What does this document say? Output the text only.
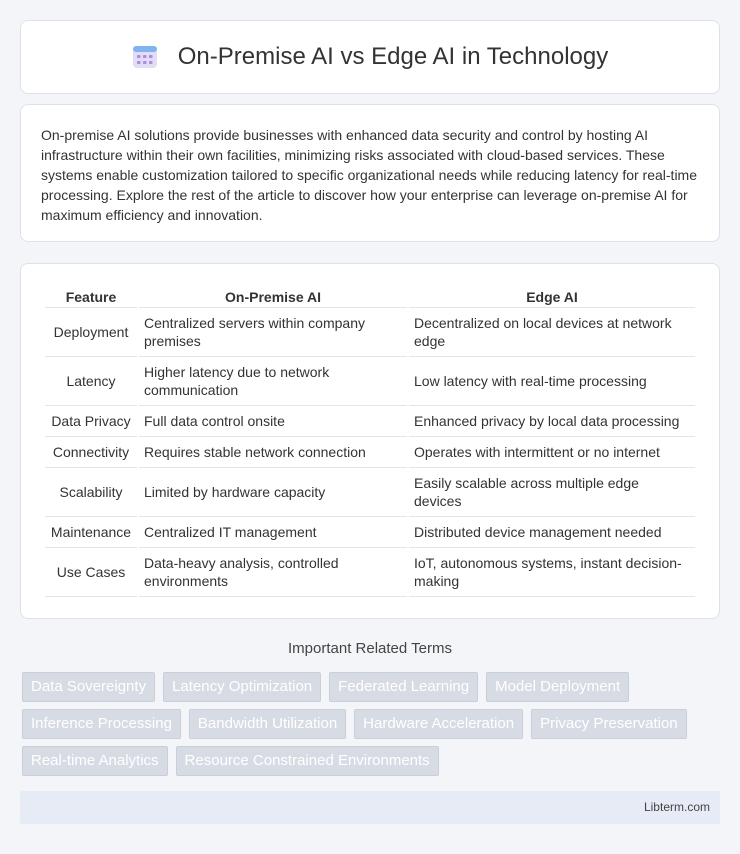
On-Premise AI vs Edge AI in Technology

On-premise AI solutions provide businesses with enhanced data security and control by hosting AI infrastructure within their own facilities, minimizing risks associated with cloud-based services. These systems enable customization tailored to specific organizational needs while reducing latency for real-time processing. Explore the rest of the article to discover how your enterprise can leverage on-premise AI for maximum efficiency and innovation.

Feature	On-Premise AI	Edge AI
Deployment	Centralized servers within company premises	Decentralized on local devices at network edge
Latency	Higher latency due to network communication	Low latency with real-time processing
Data Privacy	Full data control onsite	Enhanced privacy by local data processing
Connectivity	Requires stable network connection	Operates with intermittent or no internet
Scalability	Limited by hardware capacity	Easily scalable across multiple edge devices
Maintenance	Centralized IT management	Distributed device management needed
Use Cases	Data-heavy analysis, controlled environments	IoT, autonomous systems, instant decision-making
Important Related Terms
Data Sovereignty	Latency Optimization	Federated Learning	Model Deployment
Inference Processing	Bandwidth Utilization	Hardware Acceleration	Privacy Preservation
Real-time Analytics	Resource Constrained Environments
Libterm.com
